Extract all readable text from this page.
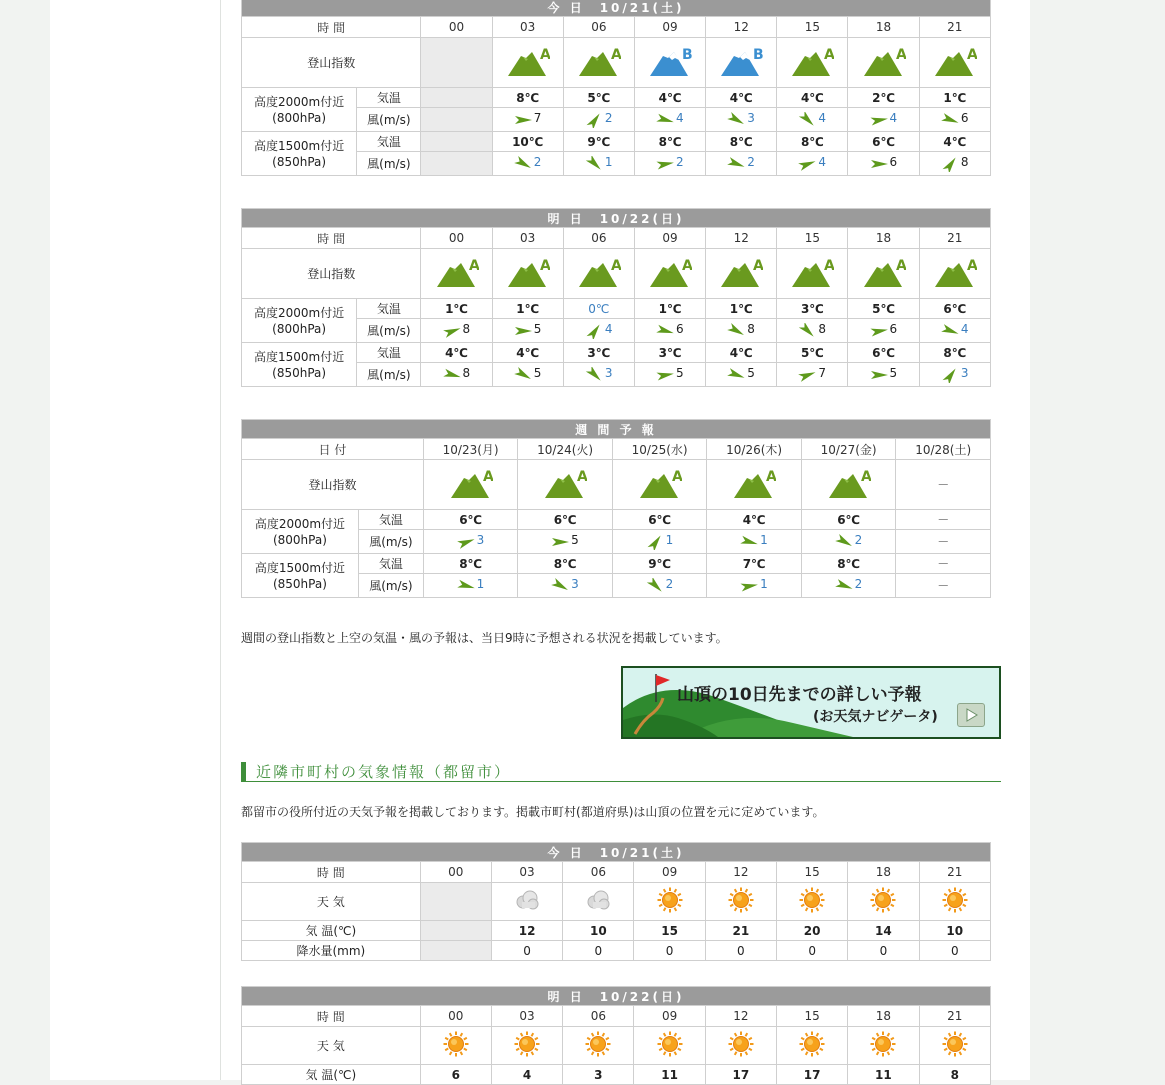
今 日　10/21(土)									
時 間		00	03	06	09	12	15	18	21
登山指数			A	A	B	B	A	A	A

高度2000m付近
(800hPa)	気温		8℃	5℃	4℃	4℃	4℃	2℃	1℃
	風(m/s)		7	2	4	3	4	4	6

高度1500m付近
(850hPa)	気温		10℃	9℃	8℃	8℃	8℃	6℃	4℃
	風(m/s)		2	1	2	2	4	6	8
明 日　10/22(日)									
時 間		00	03	06	09	12	15	18	21
登山指数		A	A	A	A	A	A	A	A

高度2000m付近
(800hPa)	気温	1℃	1℃	0℃	1℃	1℃	3℃	5℃	6℃
	風(m/s)	8	5	4	6	8	8	6	4

高度1500m付近
(850hPa)	気温	4℃	4℃	3℃	3℃	4℃	5℃	6℃	8℃
	風(m/s)	8	5	3	5	5	7	5	3
週 間 予 報							
日 付		10/23(月)	10/24(火)	10/25(水)	10/26(木)	10/27(金)	10/28(土)
登山指数		A	A	A	A	A	－

高度2000m付近
(800hPa)	気温	6℃	6℃	6℃	4℃	6℃	－
	風(m/s)	3	5	1	1	2	－

高度1500m付近
(850hPa)	気温	8℃	8℃	9℃	7℃	8℃	－
	風(m/s)	1	3	2	1	2	－
週間の登山指数と上空の気温・風の予報は、当日9時に予想される状況を掲載しています。
山頂の10日先までの詳しい予報
(お天気ナビゲータ)
近隣市町村の気象情報（都留市）
都留市の役所付近の天気予報を掲載しております。掲載市町村(都道府県)は山頂の位置を元に定めています。
今 日　10/21(土)								
時 間	00	03	06	09	12	15	18	21
天 気								
気 温(℃)		12	10	15	21	20	14	10
降水量(mm)		0	0	0	0	0	0	0
明 日　10/22(日)								
時 間	00	03	06	09	12	15	18	21
天 気								
気 温(℃)	6	4	3	11	17	17	11	8
